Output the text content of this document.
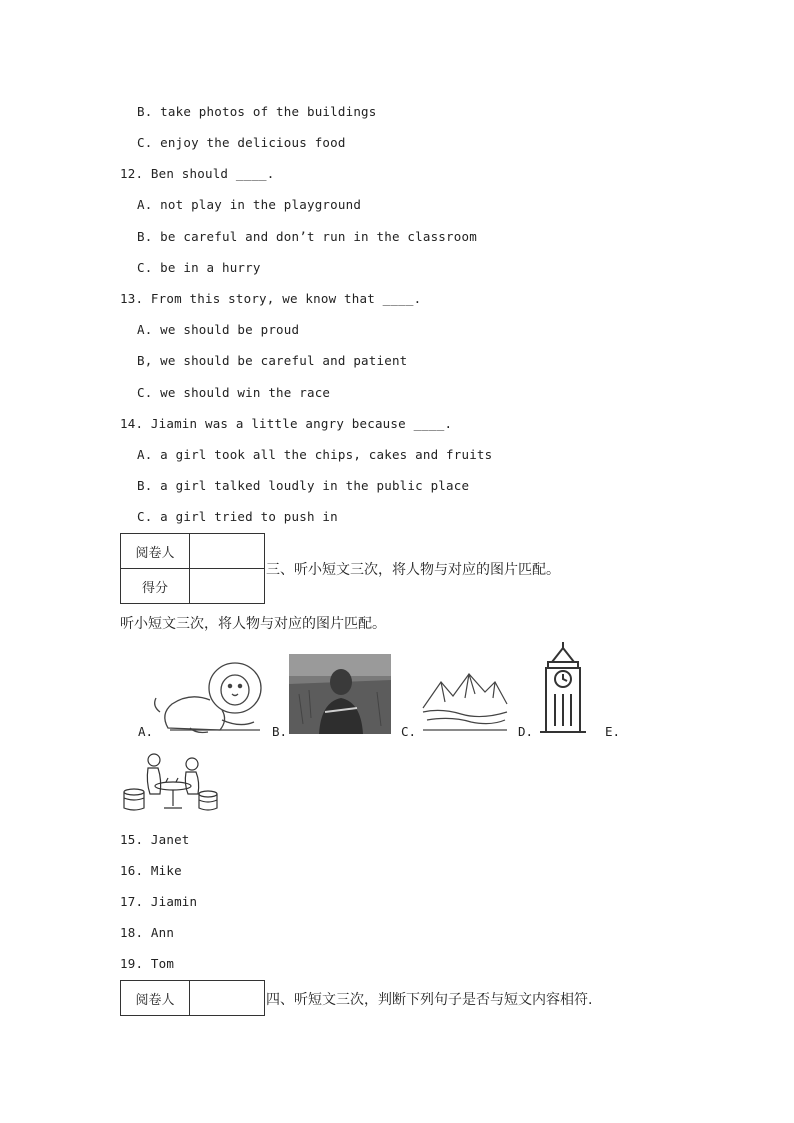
B. take photos of the buildings
C. enjoy the delicious food
12. Ben should ____.
A. not play in the playground
B. be careful and don’t run in the classroom
C. be in a hurry
13. From this story, we know that ____.
A. we should be proud
B, we should be careful and patient
C. we should win the race
14. Jiamin was a little angry because ____.
A. a girl took all the chips, cakes and fruits
B. a girl talked loudly in the public place
C. a girl tried to push in
阅卷人	
得分	
三、听小短文三次，将人物与对应的图片匹配。
听小短文三次，将人物与对应的图片匹配。
A.	B.	C.	D.	E.
15. Janet
16. Mike
17. Jiamin
18. Ann
19. Tom
阅卷人		四、听短文三次，判断下列句子是否与短文内容相符.
